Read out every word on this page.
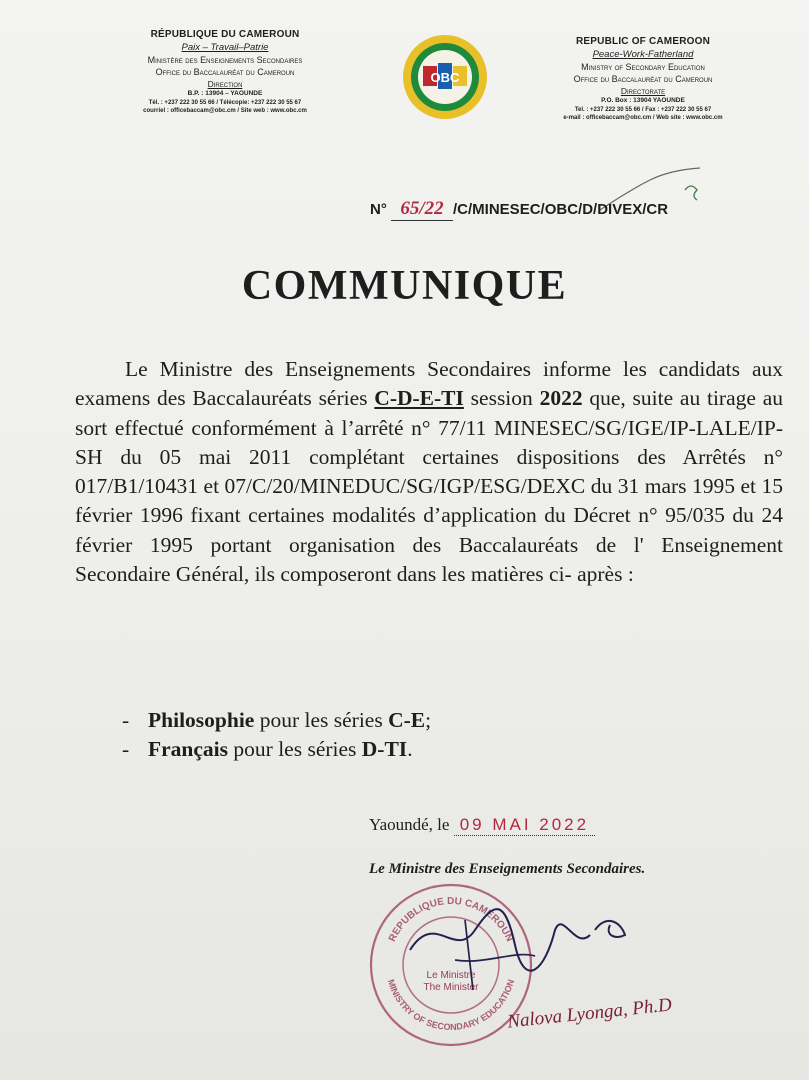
RÉPUBLIQUE DU CAMEROUN
Paix – Travail–Patrie
Ministère des Enseignements Secondaires
Office du Baccalauréat du Cameroun
Direction
B.P. : 13904 – YAOUNDE
Tél. : +237 222 30 55 66 / Télécopie: +237 222 30 55 67
courriel : officebaccam@obc.cm / Site web : www.obc.cm
OBC
REPUBLIC OF CAMEROON
Peace-Work-Fatherland
Ministry of Secondary Education
Office du Baccalauréat du Cameroun
Directorate
P.O. Box : 13904 YAOUNDE
Tel. : +237 222 30 55 66 / Fax : +237 222 30 55 67
e-mail : officebaccam@obc.cm / Web site : www.obc.cm
N° 65/22 /C/MINESEC/OBC/D/DIVEX/CR
COMMUNIQUE
Le Ministre des Enseignements Secondaires informe les candidats aux examens des Baccalauréats séries C-D-E-TI session 2022 que, suite au tirage au sort effectué conformément à l’arrêté n° 77/11 MINESEC/SG/IGE/IP-LALE/IP-SH du 05 mai 2011 complétant certaines dispositions des Arrêtés n° 017/B1/10431 et 07/C/20/MINEDUC/SG/IGP/ESG/DEXC du 31 mars 1995 et 15 février 1996 fixant certaines modalités d’application du Décret n° 95/035 du 24 février 1995 portant organisation des Baccalauréats de l' Enseignement Secondaire Général, ils composeront dans les matières ci- après :
- Philosophie pour les séries C-E;
- Français pour les séries D-TI.
Yaoundé, le 09 MAI 2022
Le Ministre des Enseignements Secondaires.
REPUBLIQUE DU CAMEROUN
MINISTRY OF SECONDARY EDUCATION
Le Ministre
The Minister
Nalova Lyonga, Ph.D
